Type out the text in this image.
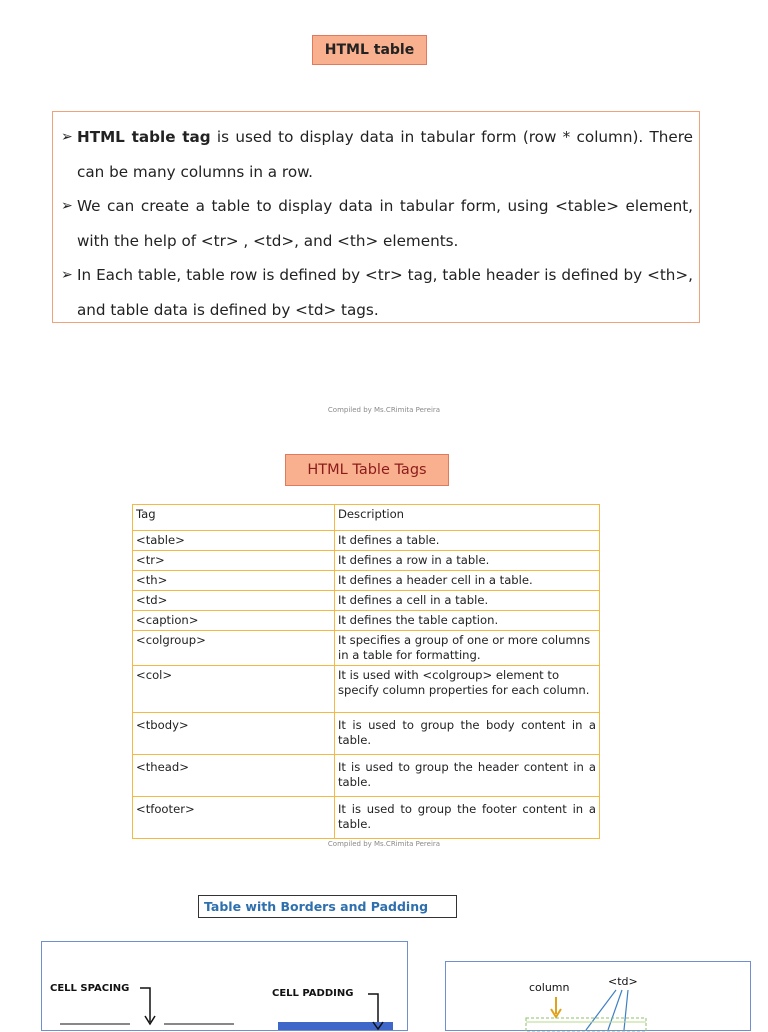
HTML table
➢ HTML table tag is used to display data in tabular form (row * column). There can be many columns in a row.
➢ We can create a table to display data in tabular form, using <table> element, with the help of <tr> , <td>, and <th> elements.
➢ In Each table, table row is defined by <tr> tag, table header is defined by <th>, and table data is defined by <td> tags.
Compiled by Ms.CRimita Pereira
HTML Table Tags
Tag	Description
<table>	It defines a table.
<tr>	It defines a row in a table.
<th>	It defines a header cell in a table.
<td>	It defines a cell in a table.
<caption>	It defines the table caption.
<colgroup>	It specifies a group of one or more columns in a table for formatting.
<col>	It is used with <colgroup> element to specify column properties for each column.
<tbody>	It is used to group the body content in a table.
<thead>	It is used to group the header content in a table.
<tfooter>	It is used to group the footer content in a table.
Compiled by Ms.CRimita Pereira
Table with Borders and Padding
CELL SPACING	CELL PADDING	column	<td>
